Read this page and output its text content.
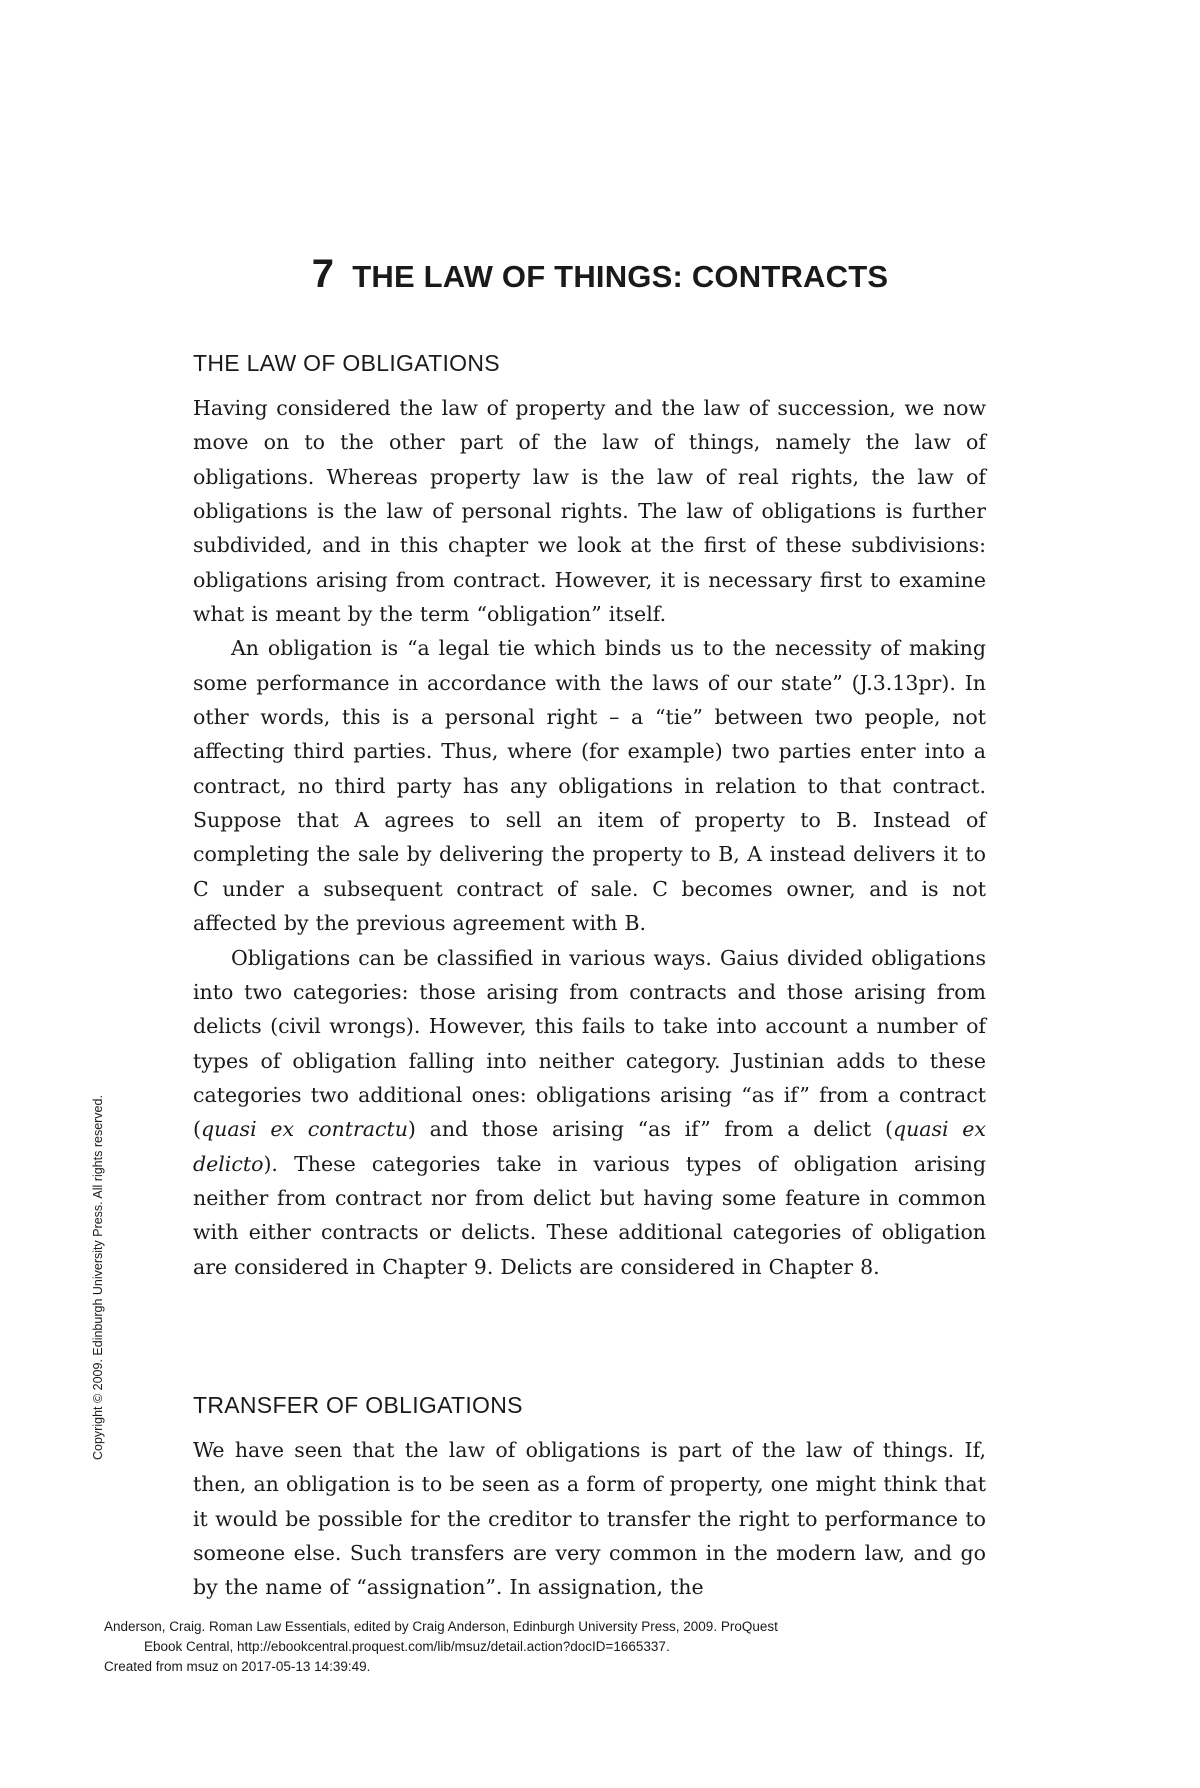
7 THE LAW OF THINGS: CONTRACTS
THE LAW OF OBLIGATIONS

Having considered the law of property and the law of succession, we now move on to the other part of the law of things, namely the law of obligations. Whereas property law is the law of real rights, the law of obligations is the law of personal rights. The law of obligations is further subdivided, and in this chapter we look at the first of these subdivisions: obligations arising from contract. However, it is necessary first to examine what is meant by the term “obligation” itself.

An obligation is “a legal tie which binds us to the necessity of making some performance in accordance with the laws of our state” (J.3.13pr). In other words, this is a personal right – a “tie” between two people, not affecting third parties. Thus, where (for example) two parties enter into a contract, no third party has any obligations in relation to that contract. Suppose that A agrees to sell an item of property to B. Instead of completing the sale by delivering the property to B, A instead delivers it to C under a subsequent contract of sale. C becomes owner, and is not affected by the previous agreement with B.

Obligations can be classified in various ways. Gaius divided obligations into two categories: those arising from contracts and those arising from delicts (civil wrongs). However, this fails to take into account a number of types of obligation falling into neither category. Justinian adds to these categories two additional ones: obligations arising “as if” from a contract (quasi ex contractu) and those arising “as if” from a delict (quasi ex delicto). These categories take in various types of obligation arising neither from contract nor from delict but having some feature in common with either contracts or delicts. These additional categories of obligation are considered in Chapter 9. Delicts are considered in Chapter 8.

TRANSFER OF OBLIGATIONS

We have seen that the law of obligations is part of the law of things. If, then, an obligation is to be seen as a form of property, one might think that it would be possible for the creditor to transfer the right to performance to someone else. Such transfers are very common in the modern law, and go by the name of “assignation”. In assignation, the

Copyright © 2009. Edinburgh University Press. All rights reserved.
Anderson, Craig. Roman Law Essentials, edited by Craig Anderson, Edinburgh University Press, 2009. ProQuest
Ebook Central, http://ebookcentral.proquest.com/lib/msuz/detail.action?docID=1665337.
Created from msuz on 2017-05-13 14:39:49.
